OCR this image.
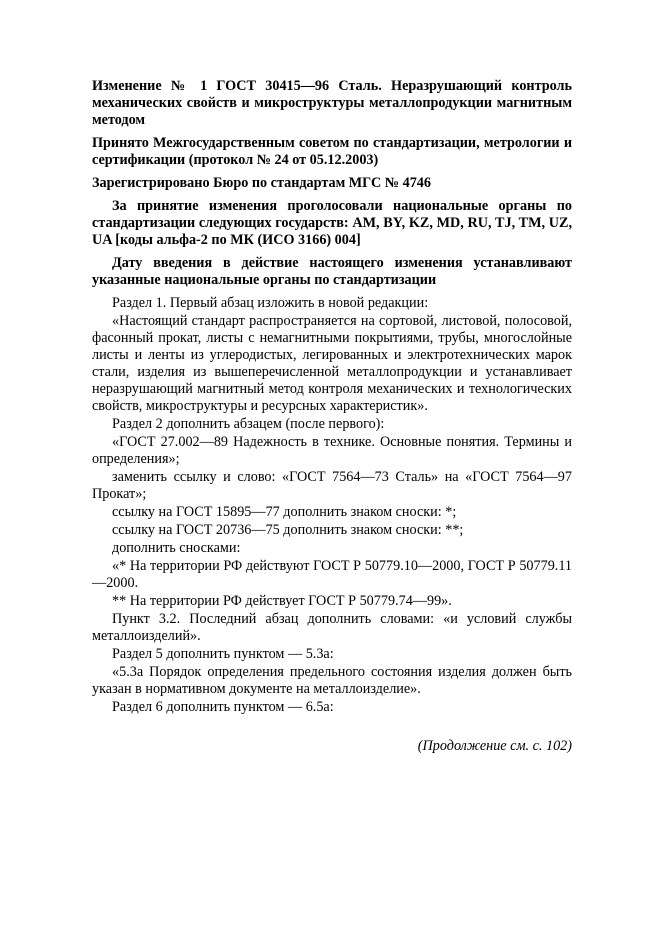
Изменение № 1 ГОСТ 30415—96 Сталь. Неразрушающий контроль механических свойств и микроструктуры металлопродукции магнитным методом

Принято Межгосударственным советом по стандартизации, метрологии и сертификации (протокол № 24 от 05.12.2003)

Зарегистрировано Бюро по стандартам МГС № 4746

За принятие изменения проголосовали национальные органы по стандартизации следующих государств: AM, BY, KZ, MD, RU, TJ, TM, UZ, UA [коды альфа-2 по МК (ИСО 3166) 004]

Дату введения в действие настоящего изменения устанавливают указанные национальные органы по стандартизации

Раздел 1. Первый абзац изложить в новой редакции:

«Настоящий стандарт распространяется на сортовой, листовой, полосовой, фасонный прокат, листы с немагнитными покрытиями, трубы, многослойные листы и ленты из углеродистых, легированных и электротехнических марок стали, изделия из вышеперечисленной металлопродукции и устанавливает неразрушающий магнитный метод контроля механических и технологических свойств, микроструктуры и ресурсных характеристик».

Раздел 2 дополнить абзацем (после первого):

«ГОСТ 27.002—89 Надежность в технике. Основные понятия. Термины и определения»;

заменить ссылку и слово: «ГОСТ 7564—73 Сталь» на «ГОСТ 7564—97 Прокат»;

ссылку на ГОСТ 15895—77 дополнить знаком сноски: *;

ссылку на ГОСТ 20736—75 дополнить знаком сноски: **;

дополнить сносками:

«* На территории РФ действуют ГОСТ Р 50779.10—2000, ГОСТ Р 50779.11—2000.

** На территории РФ действует ГОСТ Р 50779.74—99».

Пункт 3.2. Последний абзац дополнить словами: «и условий службы металлоизделий».

Раздел 5 дополнить пунктом — 5.3а:

«5.3а Порядок определения предельного состояния изделия должен быть указан в нормативном документе на металлоизделие».

Раздел 6 дополнить пунктом — 6.5а:

(Продолжение см. с. 102)
